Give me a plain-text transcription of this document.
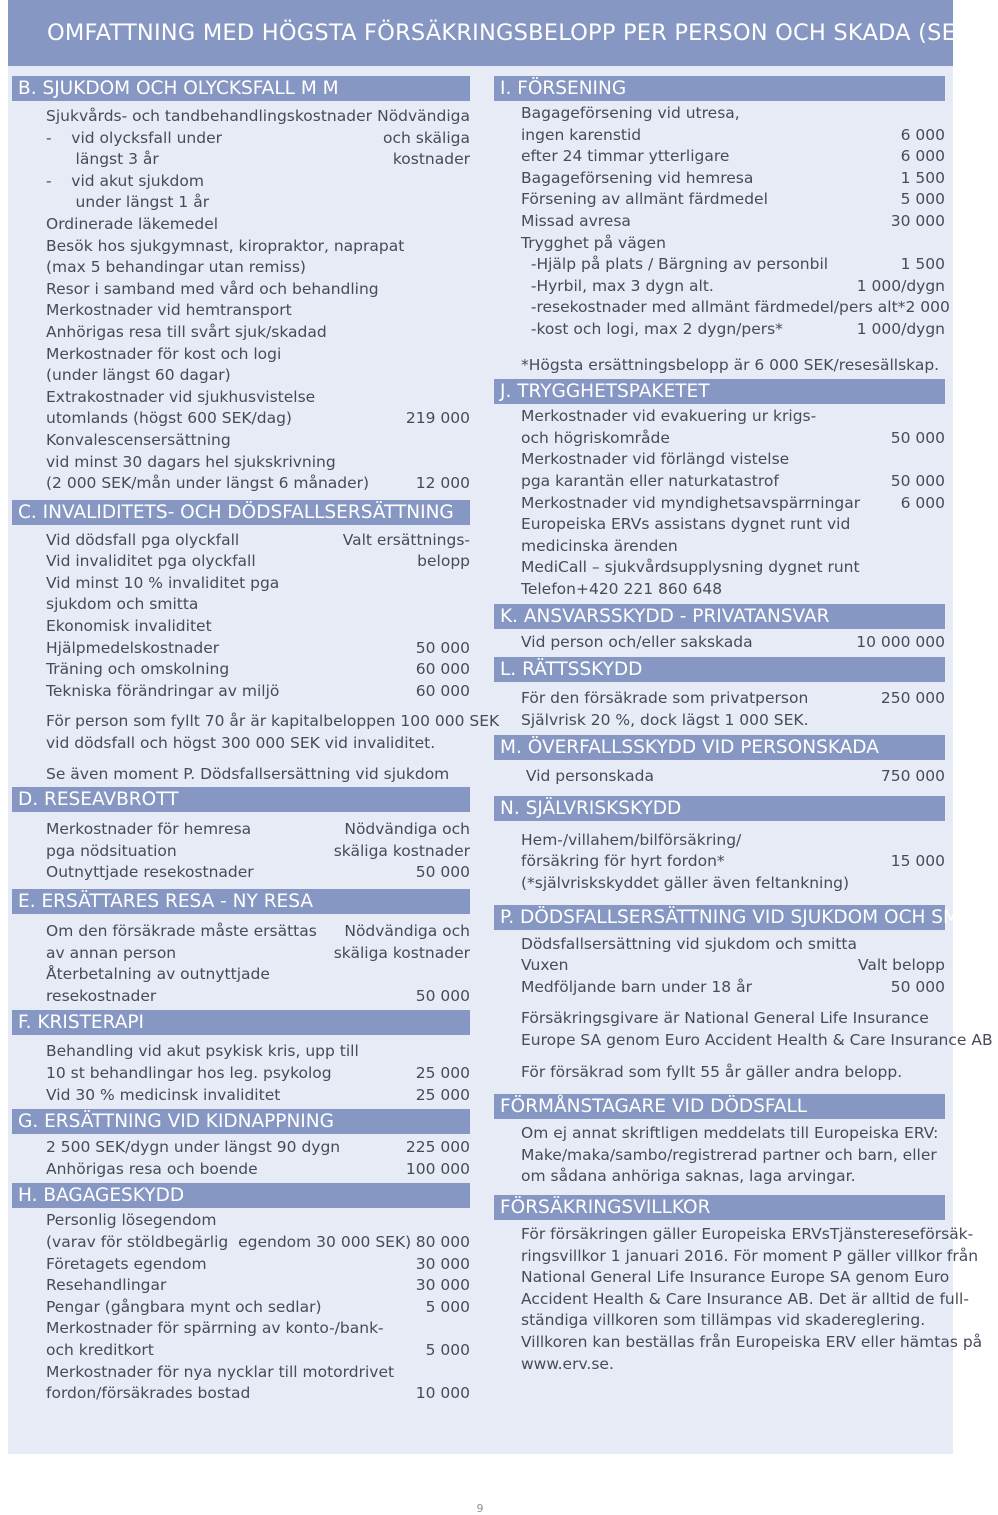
OMFATTNING MED HÖGSTA FÖRSÄKRINGSBELOPP PER PERSON OCH SKADA (SEK)
B. SJUKDOM OCH OLYCKSFALL M M
Sjukvårds- och tandbehandlingskostnader Nödvändiga
-    vid olycksfall under	och skäliga
längst 3 år	kostnader
-    vid akut sjukdom
under längst 1 år
Ordinerade läkemedel
Besök hos sjukgymnast, kiropraktor, naprapat
(max 5 behandingar utan remiss)
Resor i samband med vård och behandling
Merkostnader vid hemtransport
Anhörigas resa till svårt sjuk/skadad
Merkostnader för kost och logi
(under längst 60 dagar)
Extrakostnader vid sjukhusvistelse
utomlands (högst 600 SEK/dag)	219 000
Konvalescensersättning
vid minst 30 dagars hel sjukskrivning
(2 000 SEK/mån under längst 6 månader)	12 000
C. INVALIDITETS- OCH DÖDSFALLSERSÄTTNING
Vid dödsfall pga olyckfall	Valt ersättnings-
Vid invaliditet pga olyckfall	belopp
Vid minst 10 % invaliditet pga
sjukdom och smitta
Ekonomisk invaliditet
Hjälpmedelskostnader	50 000
Träning och omskolning	60 000
Tekniska förändringar av miljö	60 000
För person som fyllt 70 år är kapitalbeloppen 100 000 SEK
vid dödsfall och högst 300 000 SEK vid invaliditet.
Se även moment P. Dödsfallsersättning vid sjukdom
D. RESEAVBROTT
Merkostnader för hemresa	Nödvändiga och
pga nödsituation	skäliga kostnader
Outnyttjade resekostnader	50 000
E. ERSÄTTARES RESA - NY RESA
Om den försäkrade måste ersättas Nödvändiga och
av annan person	skäliga kostnader
Återbetalning av outnyttjade
resekostnader	50 000
F. KRISTERAPI
Behandling vid akut psykisk kris, upp till
10 st behandlingar hos leg. psykolog	25 000
Vid 30 % medicinsk invaliditet	25 000
G. ERSÄTTNING VID KIDNAPPNING
2 500 SEK/dygn under längst 90 dygn	225 000
Anhörigas resa och boende	100 000
H. BAGAGESKYDD
Personlig lösegendom
(varav för stöldbegärlig  egendom 30 000 SEK) 80 000
Företagets egendom	30 000
Resehandlingar	30 000
Pengar (gångbara mynt och sedlar)	5 000
Merkostnader för spärrning av konto-/bank-
och kreditkort	5 000
Merkostnader för nya nycklar till motordrivet
fordon/försäkrades bostad	10 000
I. FÖRSENING
Bagageförsening vid utresa,
ingen karenstid	6 000
efter 24 timmar ytterligare	6 000
Bagageförsening vid hemresa	1 500
Försening av allmänt färdmedel	5 000
Missad avresa	30 000
Trygghet på vägen
-Hjälp på plats / Bärgning av personbil	1 500
-Hyrbil, max 3 dygn alt.	1 000/dygn
-resekostnader med allmänt färdmedel/pers alt* 2 000
-kost och logi, max 2 dygn/pers*	1 000/dygn
*Högsta ersättningsbelopp är 6 000 SEK/resesällskap.
J. TRYGGHETSPAKETET
Merkostnader vid evakuering ur krigs-
och högriskområde	50 000
Merkostnader vid förlängd vistelse
pga karantän eller naturkatastrof	50 000
Merkostnader vid myndighetsavspärrningar	6 000
Europeiska ERVs assistans dygnet runt vid
medicinska ärenden
MediCall – sjukvårdsupplysning dygnet runt
Telefon+420 221 860 648
K. ANSVARSSKYDD - PRIVATANSVAR
Vid person och/eller sakskada	10 000 000
L. RÄTTSSKYDD
För den försäkrade som privatperson	250 000
Självrisk 20 %, dock lägst 1 000 SEK.
M. ÖVERFALLSSKYDD VID PERSONSKADA
Vid personskada	750 000
N. SJÄLVRISKSKYDD
Hem-/villahem/bilförsäkring/
försäkring för hyrt fordon*	15 000
(*självriskskyddet gäller även feltankning)
P. DÖDSFALLSERSÄTTNING VID SJUKDOM OCH SMITTA
Dödsfallsersättning vid sjukdom och smitta
Vuxen	Valt belopp
Medföljande barn under 18 år	50 000
Försäkringsgivare är National General Life Insurance
Europe SA genom Euro Accident Health & Care Insurance AB
För försäkrad som fyllt 55 år gäller andra belopp.
FÖRMÅNSTAGARE VID DÖDSFALL
Om ej annat skriftligen meddelats till Europeiska ERV:
Make/maka/sambo/registrerad partner och barn, eller
om sådana anhöriga saknas, laga arvingar.
FÖRSÄKRINGSVILLKOR
För försäkringen gäller Europeiska ERVsTjänstereseförsäk-
ringsvillkor 1 januari 2016. För moment P gäller villkor från
National General Life Insurance Europe SA genom Euro
Accident Health & Care Insurance AB. Det är alltid de full-
ständiga villkoren som tillämpas vid skadereglering.
Villkoren kan beställas från Europeiska ERV eller hämtas på
www.erv.se.
9
